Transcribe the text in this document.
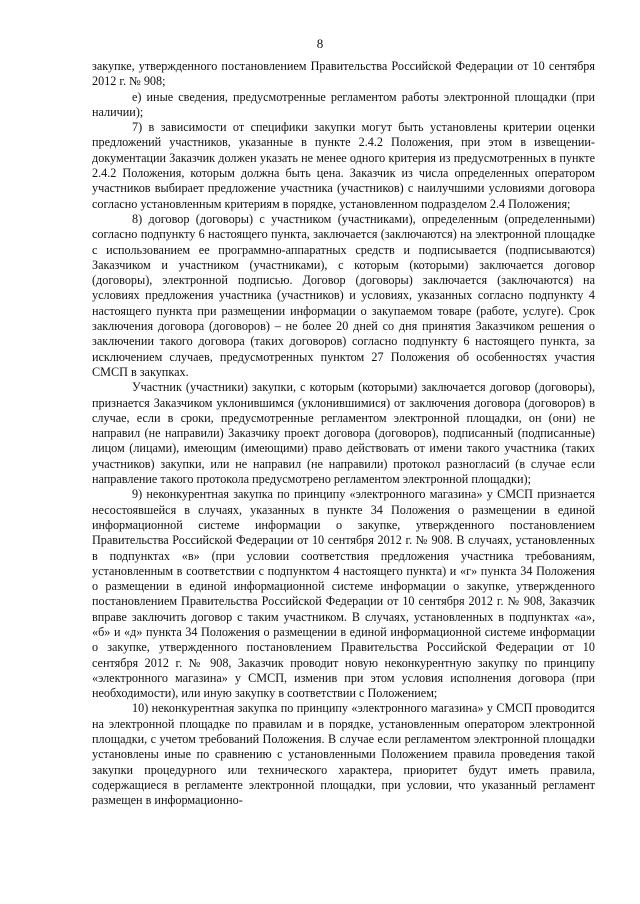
8

закупке, утвержденного постановлением Правительства Российской Федерации от 10 сентября 2012 г. № 908;

е) иные сведения, предусмотренные регламентом работы электронной площадки (при наличии);

7) в зависимости от специфики закупки могут быть установлены критерии оценки предложений участников, указанные в пункте 2.4.2 Положения, при этом в извещении-документации Заказчик должен указать не менее одного критерия из предусмотренных в пункте 2.4.2 Положения, которым должна быть цена. Заказчик из числа определенных оператором участников выбирает предложение участника (участников) с наилучшими условиями договора согласно установленным критериям в порядке, установленном подразделом 2.4 Положения;

8) договор (договоры) с участником (участниками), определенным (определенными) согласно подпункту 6 настоящего пункта, заключается (заключаются) на электронной площадке с использованием ее программно-аппаратных средств и подписывается (подписываются) Заказчиком и участником (участниками), с которым (которыми) заключается договор (договоры), электронной подписью. Договор (договоры) заключается (заключаются) на условиях предложения участника (участников) и условиях, указанных согласно подпункту 4 настоящего пункта при размещении информации о закупаемом товаре (работе, услуге). Срок заключения договора (договоров) – не более 20 дней со дня принятия Заказчиком решения о заключении такого договора (таких договоров) согласно подпункту 6 настоящего пункта, за исключением случаев, предусмотренных пунктом 27 Положения об особенностях участия СМСП в закупках.

Участник (участники) закупки, с которым (которыми) заключается договор (договоры), признается Заказчиком уклонившимся (уклонившимися) от заключения договора (договоров) в случае, если в сроки, предусмотренные регламентом электронной площадки, он (они) не направил (не направили) Заказчику проект договора (договоров), подписанный (подписанные) лицом (лицами), имеющим (имеющими) право действовать от имени такого участника (таких участников) закупки, или не направил (не направили) протокол разногласий (в случае если направление такого протокола предусмотрено регламентом электронной площадки);

9) неконкурентная закупка по принципу «электронного магазина» у СМСП признается несостоявшейся в случаях, указанных в пункте 34 Положения о размещении в единой информационной системе информации о закупке, утвержденного постановлением Правительства Российской Федерации от 10 сентября 2012 г. № 908. В случаях, установленных в подпунктах «в» (при условии соответствия предложения участника требованиям, установленным в соответствии с подпунктом 4 настоящего пункта) и «г» пункта 34 Положения о размещении в единой информационной системе информации о закупке, утвержденного постановлением Правительства Российской Федерации от 10 сентября 2012 г. № 908, Заказчик вправе заключить договор с таким участником. В случаях, установленных в подпунктах «а», «б» и «д» пункта 34 Положения о размещении в единой информационной системе информации о закупке, утвержденного постановлением Правительства Российской Федерации от 10 сентября 2012 г. № 908, Заказчик проводит новую неконкурентную закупку по принципу «электронного магазина» у СМСП, изменив при этом условия исполнения договора (при необходимости), или иную закупку в соответствии с Положением;

10) неконкурентная закупка по принципу «электронного магазина» у СМСП проводится на электронной площадке по правилам и в порядке, установленным оператором электронной площадки, с учетом требований Положения. В случае если регламентом электронной площадки установлены иные по сравнению с установленными Положением правила проведения такой закупки процедурного или технического характера, приоритет будут иметь правила, содержащиеся в регламенте электронной площадки, при условии, что указанный регламент размещен в информационно-
